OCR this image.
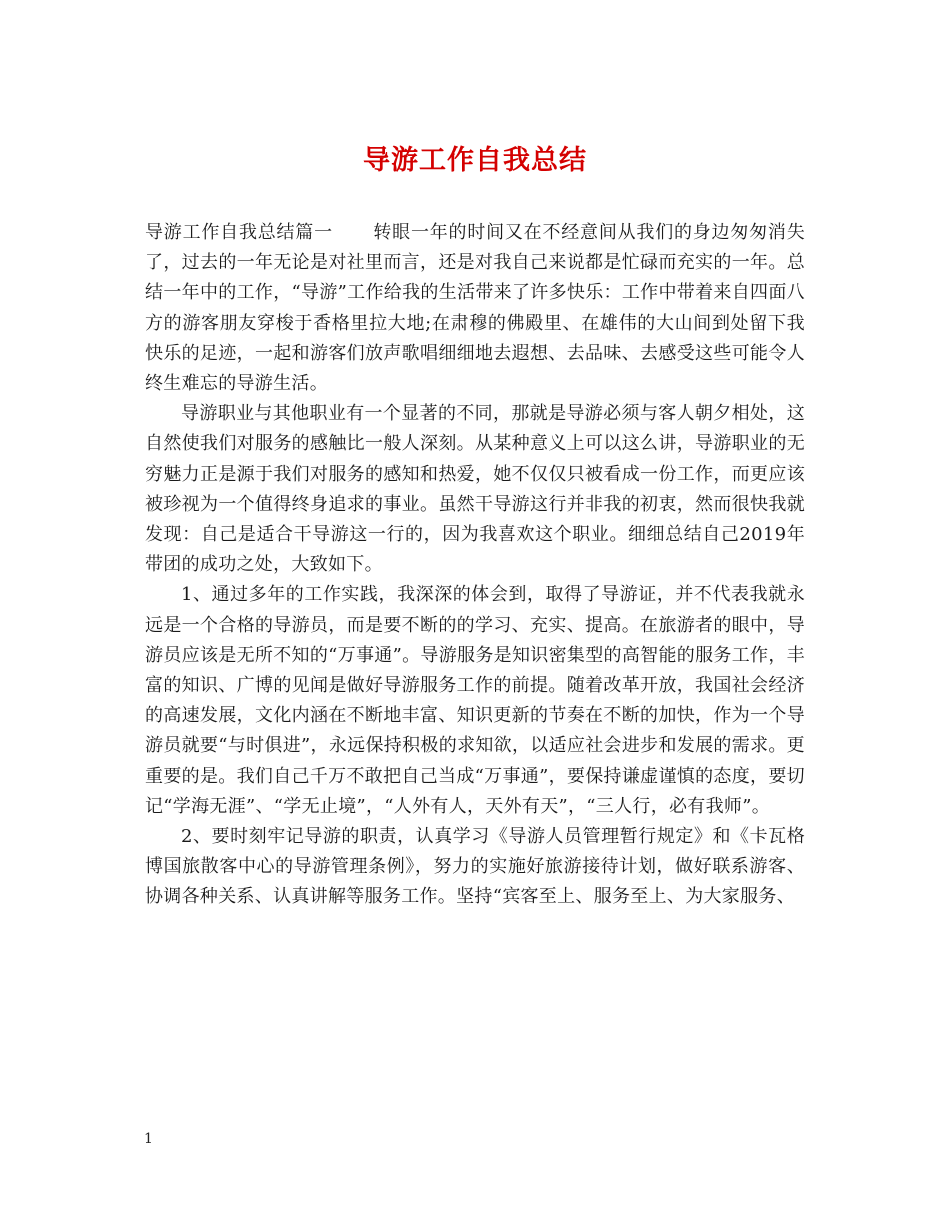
导游工作自我总结

导游工作自我总结篇一 转眼一年的时间又在不经意间从我们的身边匆匆消失了，过去的一年无论是对社里而言，还是对我自己来说都是忙碌而充实的一年。总结一年中的工作，“导游”工作给我的生活带来了许多快乐：工作中带着来自四面八方的游客朋友穿梭于香格里拉大地;在肃穆的佛殿里、在雄伟的大山间到处留下我快乐的足迹，一起和游客们放声歌唱细细地去遐想、去品味、去感受这些可能令人终生难忘的导游生活。

导游职业与其他职业有一个显著的不同，那就是导游必须与客人朝夕相处，这自然使我们对服务的感触比一般人深刻。从某种意义上可以这么讲，导游职业的无穷魅力正是源于我们对服务的感知和热爱，她不仅仅只被看成一份工作，而更应该被珍视为一个值得终身追求的事业。虽然干导游这行并非我的初衷，然而很快我就发现：自己是适合干导游这一行的，因为我喜欢这个职业。细细总结自己2019年带团的成功之处，大致如下。

1、通过多年的工作实践，我深深的体会到，取得了导游证，并不代表我就永远是一个合格的导游员，而是要不断的的学习、充实、提高。在旅游者的眼中，导游员应该是无所不知的“万事通”。导游服务是知识密集型的高智能的服务工作，丰富的知识、广博的见闻是做好导游服务工作的前提。随着改革开放，我国社会经济的高速发展，文化内涵在不断地丰富、知识更新的节奏在不断的加快，作为一个导游员就要“与时俱进”，永远保持积极的求知欲，以适应社会进步和发展的需求。更重要的是。我们自己千万不敢把自己当成“万事通”，要保持谦虚谨慎的态度，要切记“学海无涯”、“学无止境”，“人外有人，天外有天”，“三人行，必有我师”。

2、要时刻牢记导游的职责，认真学习《导游人员管理暂行规定》和《卡瓦格博国旅散客中心的导游管理条例》，努力的实施好旅游接待计划，做好联系游客、协调各种关系、认真讲解等服务工作。坚持“宾客至上、服务至上、为大家服务、

1
